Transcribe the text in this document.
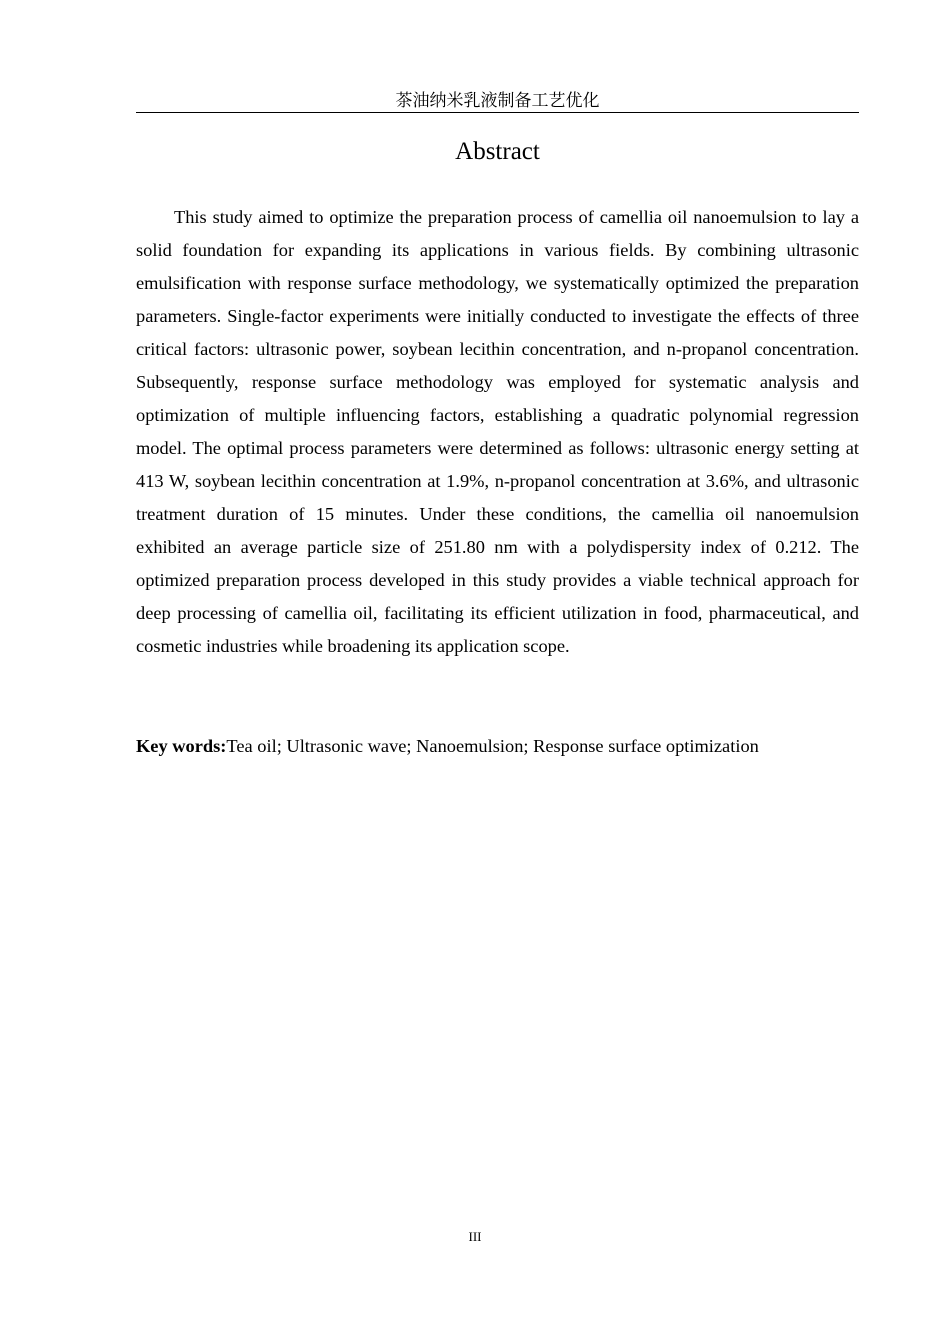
茶油纳米乳液制备工艺优化
Abstract

This study aimed to optimize the preparation process of camellia oil nanoemulsion to lay a solid foundation for expanding its applications in various fields. By combining ultrasonic emulsification with response surface methodology, we systematically optimized the preparation parameters. Single-factor experiments were initially conducted to investigate the effects of three critical factors: ultrasonic power, soybean lecithin concentration, and n-propanol concentration. Subsequently, response surface methodology was employed for systematic analysis and optimization of multiple influencing factors, establishing a quadratic polynomial regression model. The optimal process parameters were determined as follows: ultrasonic energy setting at 413 W, soybean lecithin concentration at 1.9%, n-propanol concentration at 3.6%, and ultrasonic treatment duration of 15 minutes. Under these conditions, the camellia oil nanoemulsion exhibited an average particle size of 251.80 nm with a polydispersity index of 0.212. The optimized preparation process developed in this study provides a viable technical approach for deep processing of camellia oil, facilitating its efficient utilization in food, pharmaceutical, and cosmetic industries while broadening its application scope.

Key words:Tea oil; Ultrasonic wave; Nanoemulsion; Response surface optimization

III
